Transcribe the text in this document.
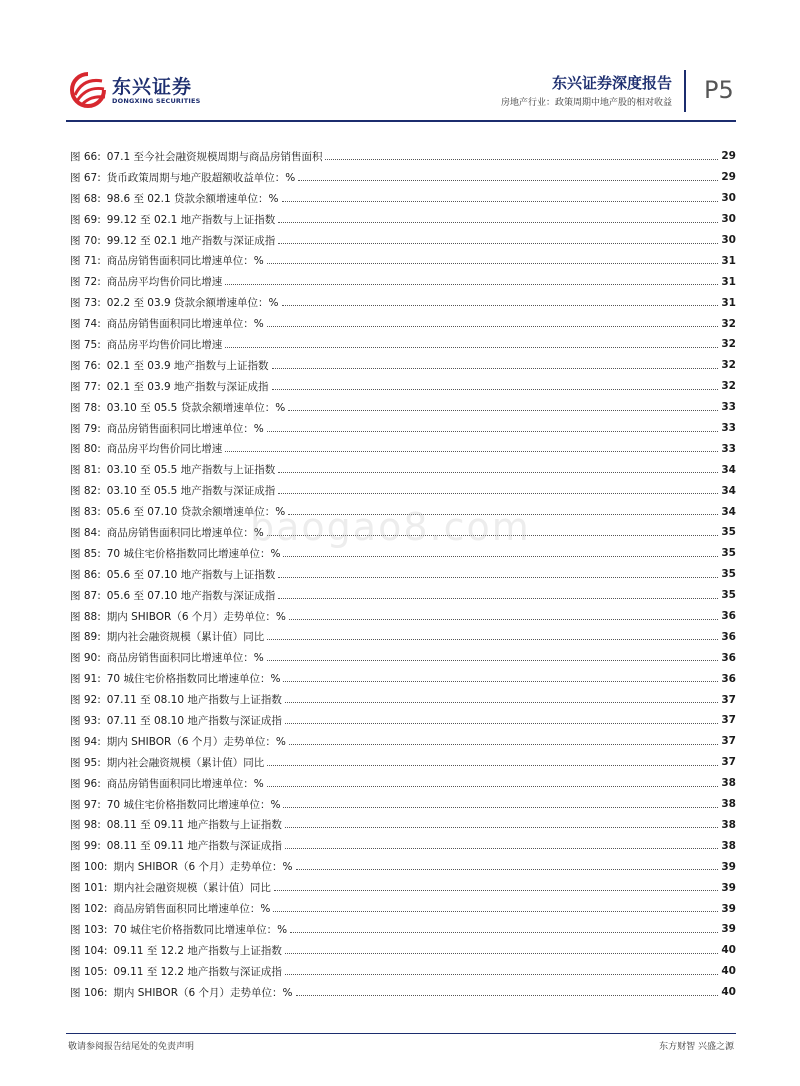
东兴证券
DONGXING SECURITIES
东兴证券深度报告
房地产行业：政策周期中地产股的相对收益 P5
图 66: 07.1 至今社会融资规模周期与商品房销售面积	29
图 67: 货币政策周期与地产股超额收益单位：%	29
图 68: 98.6 至 02.1 贷款余额增速单位：%	30
图 69: 99.12 至 02.1 地产指数与上证指数	30
图 70: 99.12 至 02.1 地产指数与深证成指	30
图 71: 商品房销售面积同比增速单位：%	31
图 72: 商品房平均售价同比增速	31
图 73: 02.2 至 03.9 贷款余额增速单位：%	31
图 74: 商品房销售面积同比增速单位：%	32
图 75: 商品房平均售价同比增速	32
图 76: 02.1 至 03.9 地产指数与上证指数	32
图 77: 02.1 至 03.9 地产指数与深证成指	32
图 78: 03.10 至 05.5 贷款余额增速单位：%	33
图 79: 商品房销售面积同比增速单位：%	33
图 80: 商品房平均售价同比增速	33
图 81: 03.10 至 05.5 地产指数与上证指数	34
图 82: 03.10 至 05.5 地产指数与深证成指	34
图 83: 05.6 至 07.10 贷款余额增速单位：%	34
图 84: 商品房销售面积同比增速单位：%	35
图 85: 70 城住宅价格指数同比增速单位：%	35
图 86: 05.6 至 07.10 地产指数与上证指数	35
图 87: 05.6 至 07.10 地产指数与深证成指	35
图 88: 期内 SHIBOR（6 个月）走势单位：%	36
图 89: 期内社会融资规模（累计值）同比	36
图 90: 商品房销售面积同比增速单位：%	36
图 91: 70 城住宅价格指数同比增速单位：%	36
图 92: 07.11 至 08.10 地产指数与上证指数	37
图 93: 07.11 至 08.10 地产指数与深证成指	37
图 94: 期内 SHIBOR（6 个月）走势单位：%	37
图 95: 期内社会融资规模（累计值）同比	37
图 96: 商品房销售面积同比增速单位：%	38
图 97: 70 城住宅价格指数同比增速单位：%	38
图 98: 08.11 至 09.11 地产指数与上证指数	38
图 99: 08.11 至 09.11 地产指数与深证成指	38
图 100: 期内 SHIBOR（6 个月）走势单位：%	39
图 101: 期内社会融资规模（累计值）同比	39
图 102: 商品房销售面积同比增速单位：%	39
图 103: 70 城住宅价格指数同比增速单位：%	39
图 104: 09.11 至 12.2 地产指数与上证指数	40
图 105: 09.11 至 12.2 地产指数与深证成指	40
图 106: 期内 SHIBOR（6 个月）走势单位：%	40
baogao8.com
敬请参阅报告结尾处的免责声明	东方财智 兴盛之源
